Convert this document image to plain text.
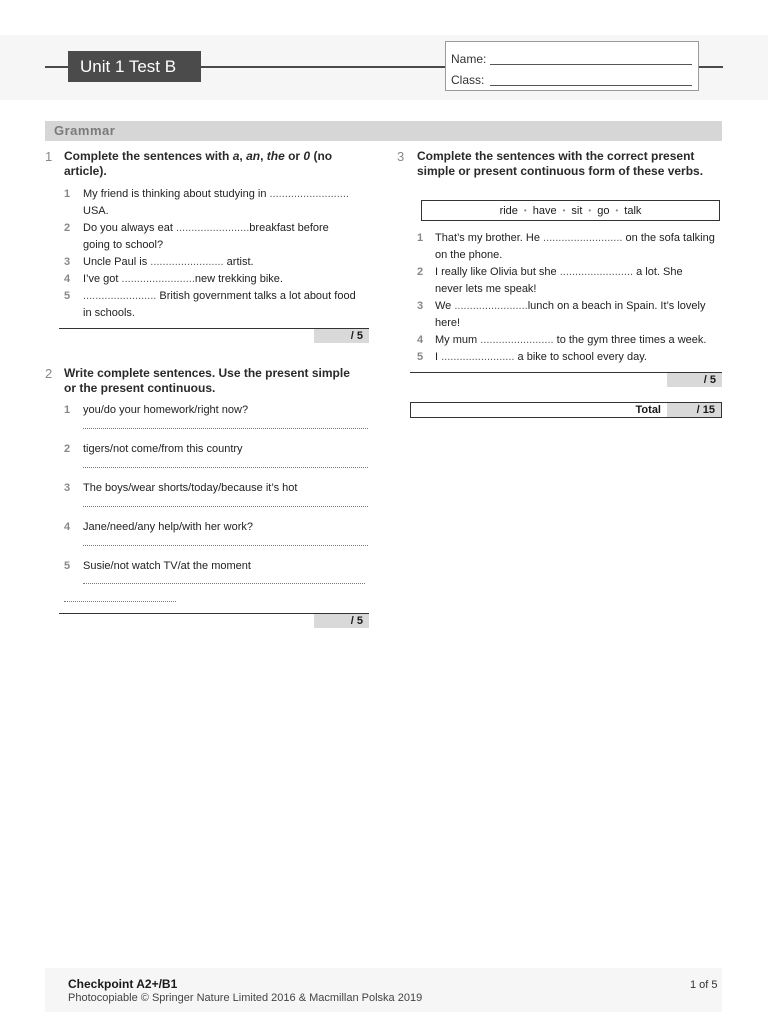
Unit 1 Test B	Name:
Class:
Grammar
1 Complete the sentences with a, an, the or 0 (no article).
1 My friend is thinking about studying in ..........................
USA.
2 Do you always eat ........................breakfast before
going to school?
3 Uncle Paul is ........................ artist.
4 I’ve got ........................new trekking bike.
5 ........................ British government talks a lot about food
in schools.
/ 5
2 Write complete sentences. Use the present simple or the present continuous.
1 you/do your homework/right now?
2 tigers/not come/from this country
3 The boys/wear shorts/today/because it’s hot
4 Jane/need/any help/with her work?
5 Susie/not watch TV/at the moment
/ 5
3 Complete the sentences with the correct present simple or present continuous form of these verbs.
ride • have • sit • go • talk
1 That’s my brother. He .......................... on the sofa talking
on the phone.
2 I really like Olivia but she ........................ a lot. She
never lets me speak!
3 We ........................lunch on a beach in Spain. It’s lovely
here!
4 My mum ........................ to the gym three times a week.
5 I ........................ a bike to school every day.
/ 5
Total	/ 15
Checkpoint A2+/B1
Photocopiable © Springer Nature Limited 2016 & Macmillan Polska 2019
1 of 5
